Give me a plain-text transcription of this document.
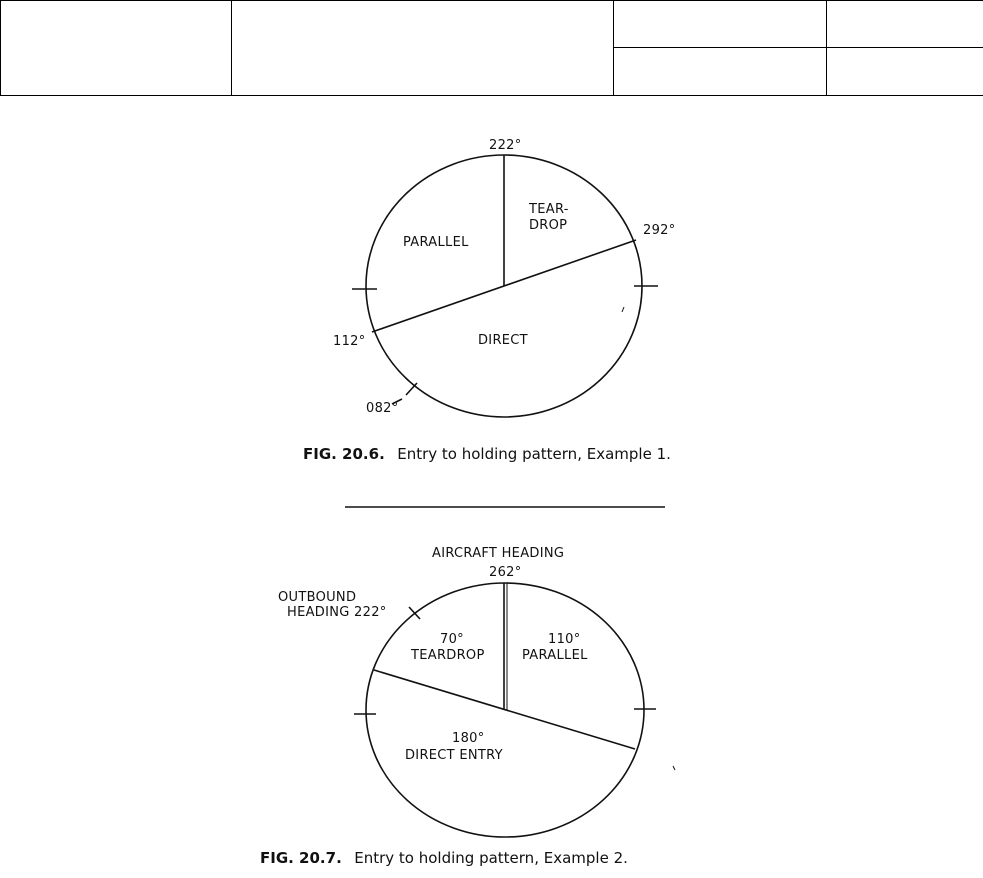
222°
292°
112°
082°
PARALLEL
TEAR-
DROP
DIRECT
FIG. 20.6. Entry to holding pattern, Example 1.
AIRCRAFT HEADING
262°
OUTBOUND
HEADING 222°
70°
TEARDROP
110°
PARALLEL
180°
DIRECT ENTRY
FIG. 20.7. Entry to holding pattern, Example 2.
